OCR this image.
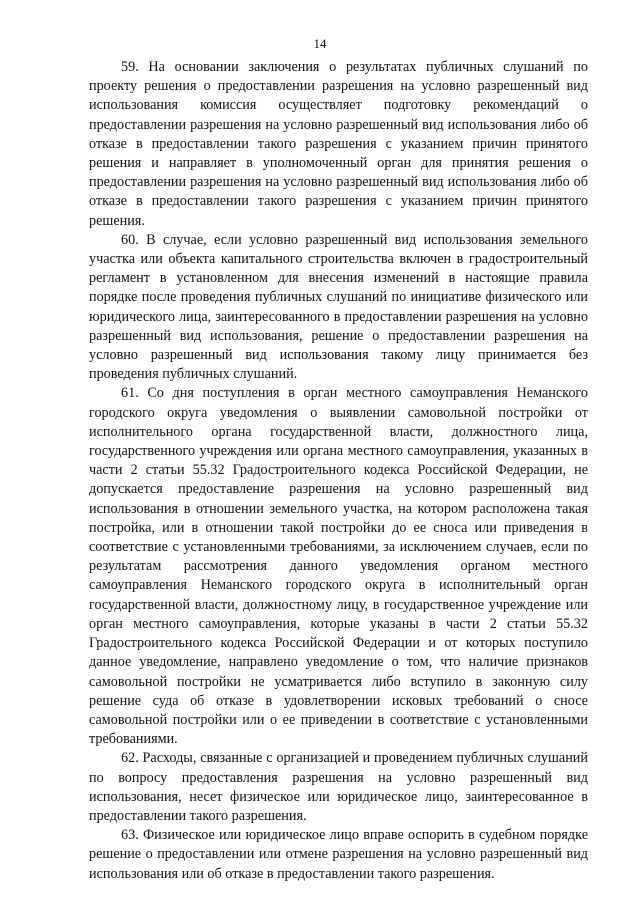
14

59. На основании заключения о результатах публичных слушаний по проекту решения о предоставлении разрешения на условно разрешенный вид использования комиссия осуществляет подготовку рекомендаций о предоставлении разрешения на условно разрешенный вид использования либо об отказе в предоставлении такого разрешения с указанием причин принятого решения и направляет в уполномоченный орган для принятия решения о предоставлении разрешения на условно разрешенный вид использования либо об отказе в предоставлении такого разрешения с указанием причин принятого решения.

60. В случае, если условно разрешенный вид использования земельного участка или объекта капитального строительства включен в градостроительный регламент в установленном для внесения изменений в настоящие правила порядке после проведения публичных слушаний по инициативе физического или юридического лица, заинтересованного в предоставлении разрешения на условно разрешенный вид использования, решение о предоставлении разрешения на условно разрешенный вид использования такому лицу принимается без проведения публичных слушаний.

61. Со дня поступления в орган местного самоуправления Неманского городского округа уведомления о выявлении самовольной постройки от исполнительного органа государственной власти, должностного лица, государственного учреждения или органа местного самоуправления, указанных в части 2 статьи 55.32 Градостроительного кодекса Российской Федерации, не допускается предоставление разрешения на условно разрешенный вид использования в отношении земельного участка, на котором расположена такая постройка, или в отношении такой постройки до ее сноса или приведения в соответствие с установленными требованиями, за исключением случаев, если по результатам рассмотрения данного уведомления органом местного самоуправления Неманского городского округа в исполнительный орган государственной власти, должностному лицу, в государственное учреждение или орган местного самоуправления, которые указаны в части 2 статьи 55.32 Градостроительного кодекса Российской Федерации и от которых поступило данное уведомление, направлено уведомление о том, что наличие признаков самовольной постройки не усматривается либо вступило в законную силу решение суда об отказе в удовлетворении исковых требований о сносе самовольной постройки или о ее приведении в соответствие с установленными требованиями.

62. Расходы, связанные с организацией и проведением публичных слушаний по вопросу предоставления разрешения на условно разрешенный вид использования, несет физическое или юридическое лицо, заинтересованное в предоставлении такого разрешения.

63. Физическое или юридическое лицо вправе оспорить в судебном порядке решение о предоставлении или отмене разрешения на условно разрешенный вид использования или об отказе в предоставлении такого разрешения.
